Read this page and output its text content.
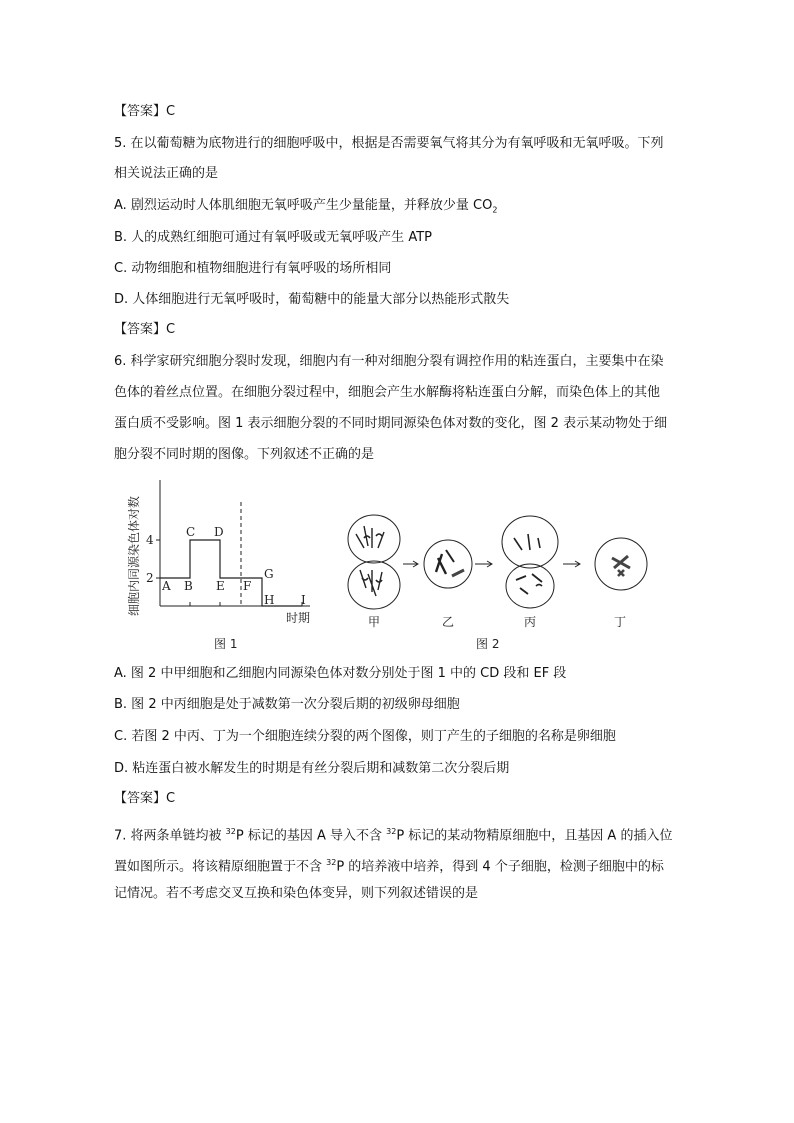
【答案】C
5. 在以葡萄糖为底物进行的细胞呼吸中，根据是否需要氧气将其分为有氧呼吸和无氧呼吸。下列
相关说法正确的是
A. 剧烈运动时人体肌细胞无氧呼吸产生少量能量，并释放少量 $CO_2$
B. 人的成熟红细胞可通过有氧呼吸或无氧呼吸产生 ATP
C. 动物细胞和植物细胞进行有氧呼吸的场所相同
D. 人体细胞进行无氧呼吸时，葡萄糖中的能量大部分以热能形式散失
【答案】C
6. 科学家研究细胞分裂时发现，细胞内有一种对细胞分裂有调控作用的粘连蛋白，主要集中在染
色体的着丝点位置。在细胞分裂过程中，细胞会产生水解酶将粘连蛋白分解，而染色体上的其他
蛋白质不受影响。图 1 表示细胞分裂的不同时期同源染色体对数的变化，图 2 表示某动物处于细
胞分裂不同时期的图像。下列叙述不正确的是
细胞内同源染色体对数 4
2
A B
C D
E F
G
H I
时期
图 1
甲	乙	丙	丁
图 2
A. 图 2 中甲细胞和乙细胞内同源染色体对数分别处于图 1 中的 CD 段和 EF 段
B. 图 2 中丙细胞是处于减数第一次分裂后期的初级卵母细胞
C. 若图 2 中丙、丁为一个细胞连续分裂的两个图像，则丁产生的子细胞的名称是卵细胞
D. 粘连蛋白被水解发生的时期是有丝分裂后期和减数第二次分裂后期
【答案】C
7. 将两条单链均被 $^{32}$P 标记的基因 A 导入不含 $^{32}$P 标记的某动物精原细胞中，且基因 A 的插入位
置如图所示。将该精原细胞置于不含 $^{32}$P 的培养液中培养，得到 4 个子细胞，检测子细胞中的标
记情况。若不考虑交叉互换和染色体变异，则下列叙述错误的是
